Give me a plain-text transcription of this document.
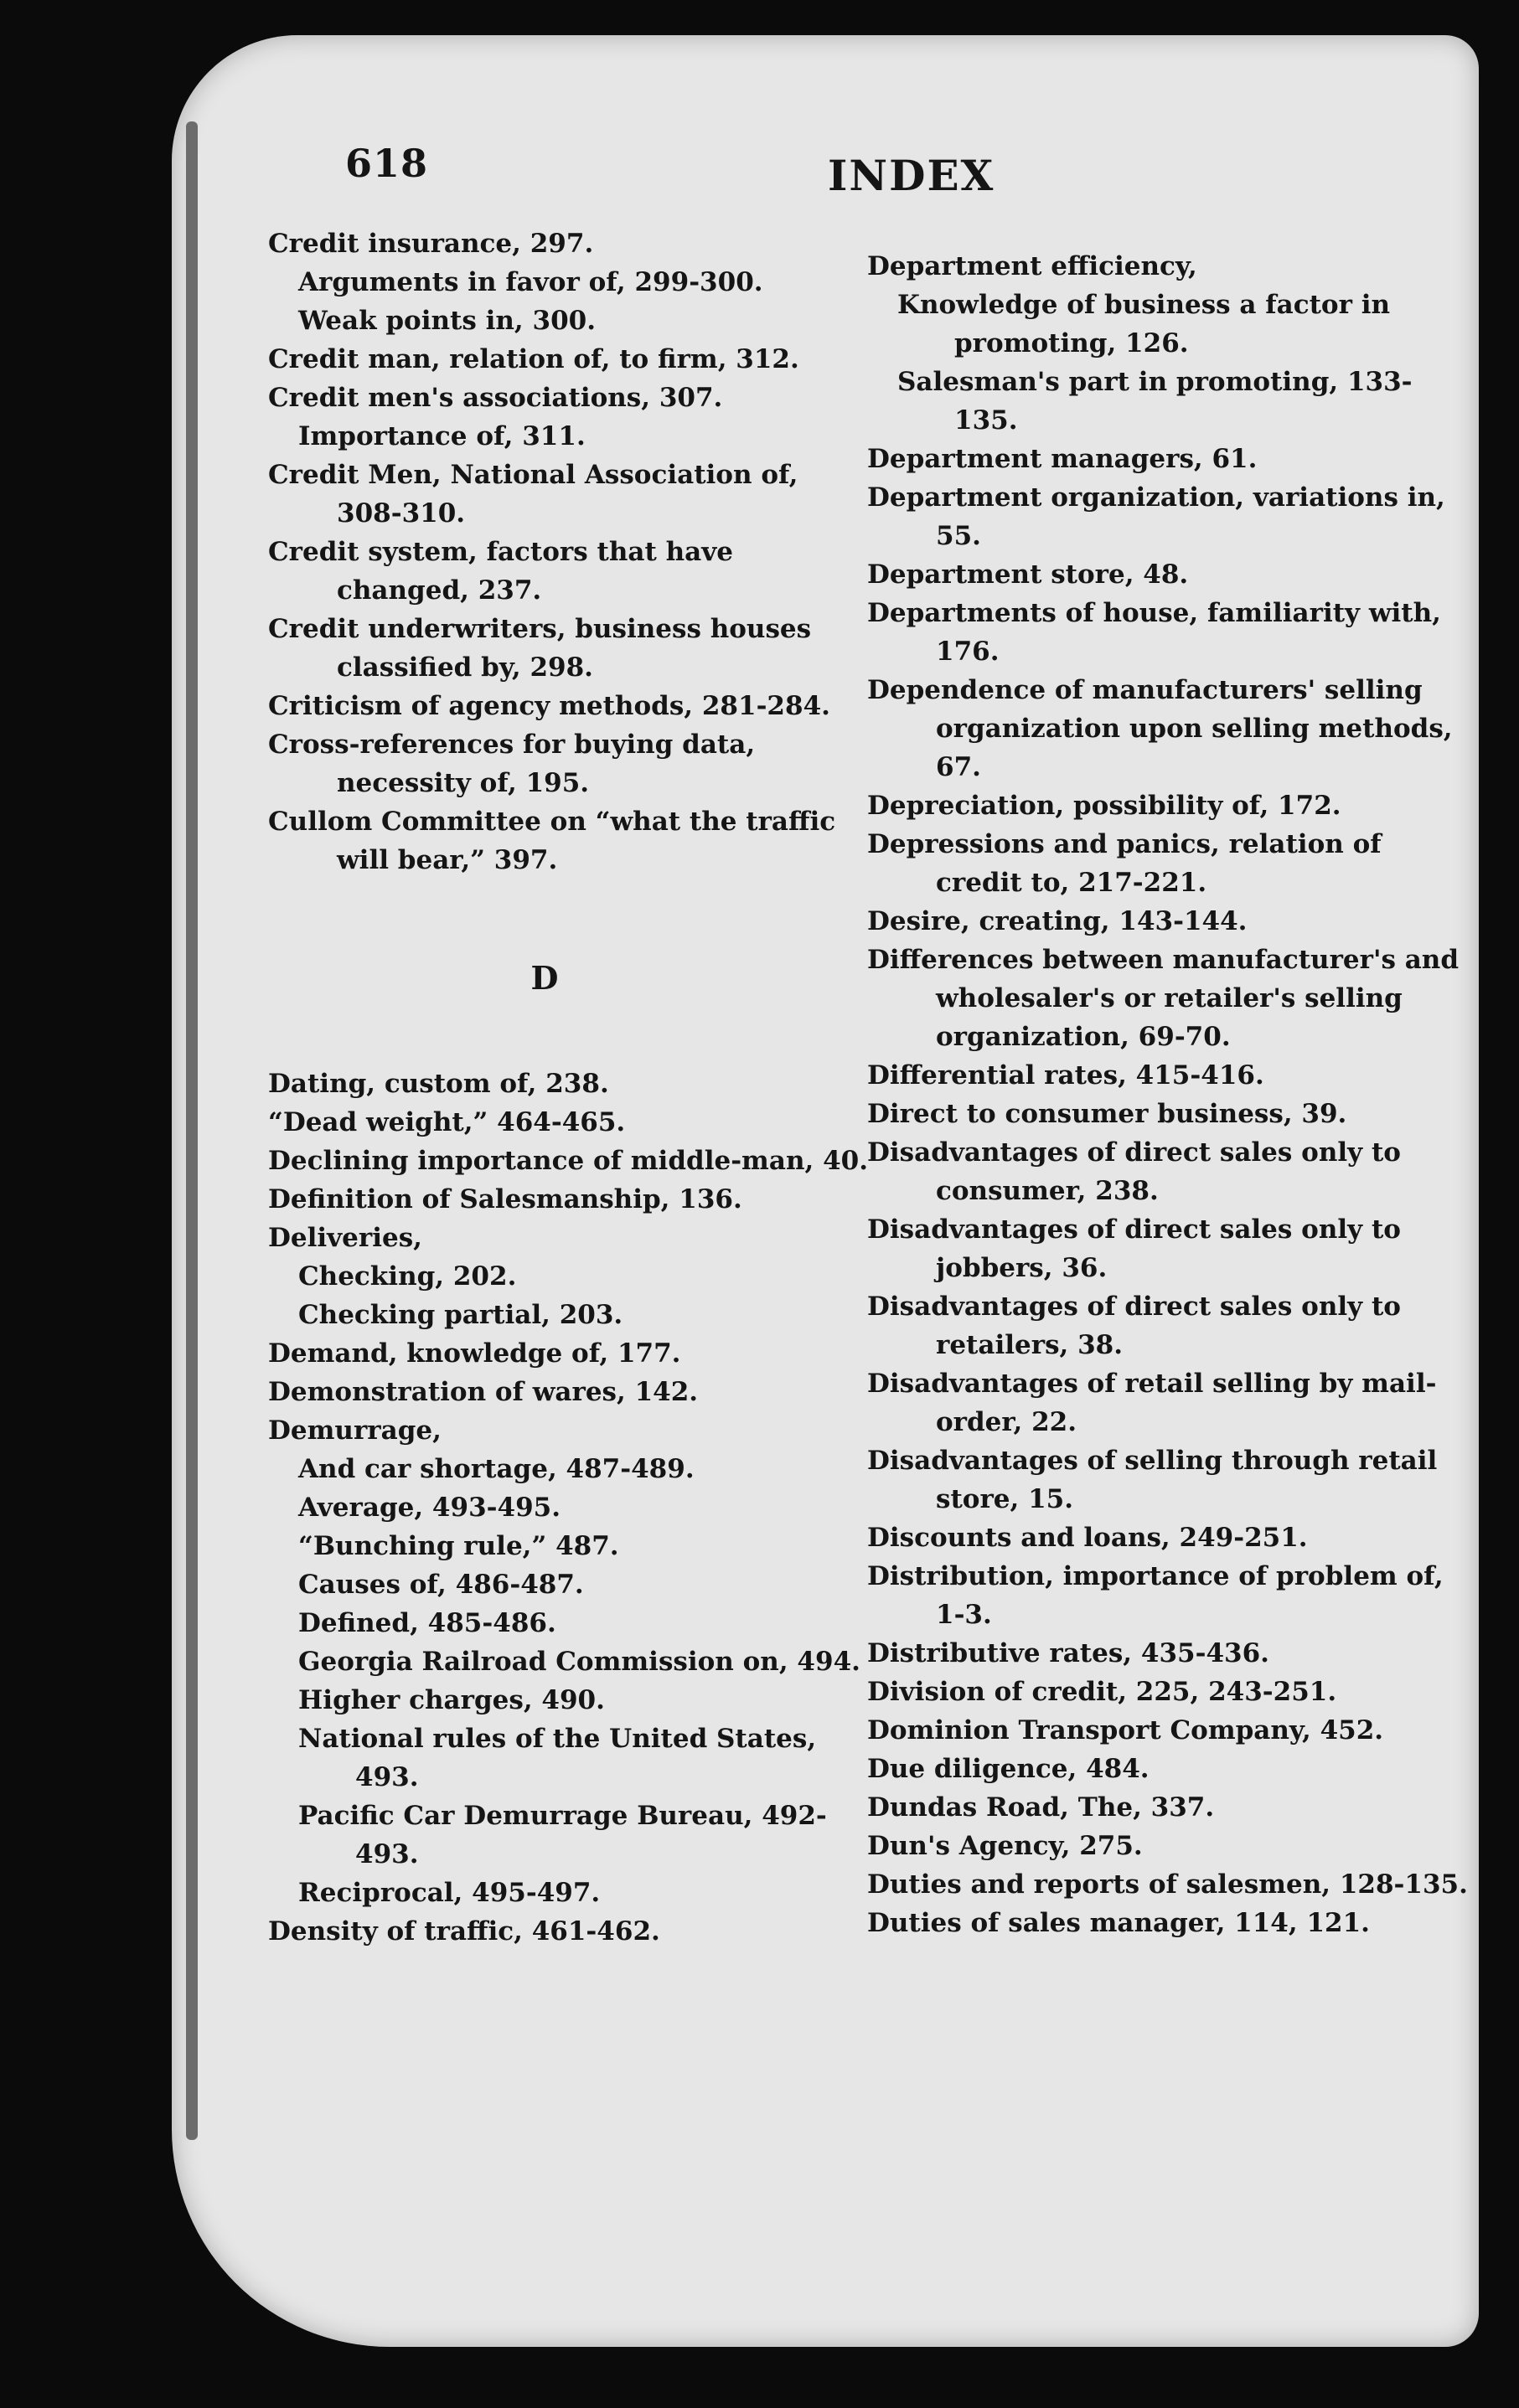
618	INDEX
Credit insurance, 297.
Arguments in favor of, 299-300.
Weak points in, 300.
Credit man, relation of, to firm, 312.
Credit men's associations, 307.
Importance of, 311.
Credit Men, National Association of, 308-310.
Credit system, factors that have changed, 237.
Credit underwriters, business houses classified by, 298.
Criticism of agency methods, 281-284.
Cross-references for buying data, necessity of, 195.
Cullom Committee on “what the traffic will bear,” 397.
D
Dating, custom of, 238.
“Dead weight,” 464-465.
Declining importance of middle-man, 40.
Definition of Salesmanship, 136.
Deliveries,
Checking, 202.
Checking partial, 203.
Demand, knowledge of, 177.
Demonstration of wares, 142.
Demurrage,
And car shortage, 487-489.
Average, 493-495.
“Bunching rule,” 487.
Causes of, 486-487.
Defined, 485-486.
Georgia Railroad Commission on, 494.
Higher charges, 490.
National rules of the United States, 493.
Pacific Car Demurrage Bureau, 492-493.
Reciprocal, 495-497.
Density of traffic, 461-462.
Department efficiency,
Knowledge of business a factor in promoting, 126.
Salesman's part in promoting, 133-135.
Department managers, 61.
Department organization, variations in, 55.
Department store, 48.
Departments of house, familiarity with, 176.
Dependence of manufacturers' selling organization upon selling methods, 67.
Depreciation, possibility of, 172.
Depressions and panics, relation of credit to, 217-221.
Desire, creating, 143-144.
Differences between manufacturer's and wholesaler's or retailer's selling organization, 69-70.
Differential rates, 415-416.
Direct to consumer business, 39.
Disadvantages of direct sales only to consumer, 238.
Disadvantages of direct sales only to jobbers, 36.
Disadvantages of direct sales only to retailers, 38.
Disadvantages of retail selling by mail-order, 22.
Disadvantages of selling through retail store, 15.
Discounts and loans, 249-251.
Distribution, importance of problem of, 1-3.
Distributive rates, 435-436.
Division of credit, 225, 243-251.
Dominion Transport Company, 452.
Due diligence, 484.
Dundas Road, The, 337.
Dun's Agency, 275.
Duties and reports of salesmen, 128-135.
Duties of sales manager, 114, 121.
